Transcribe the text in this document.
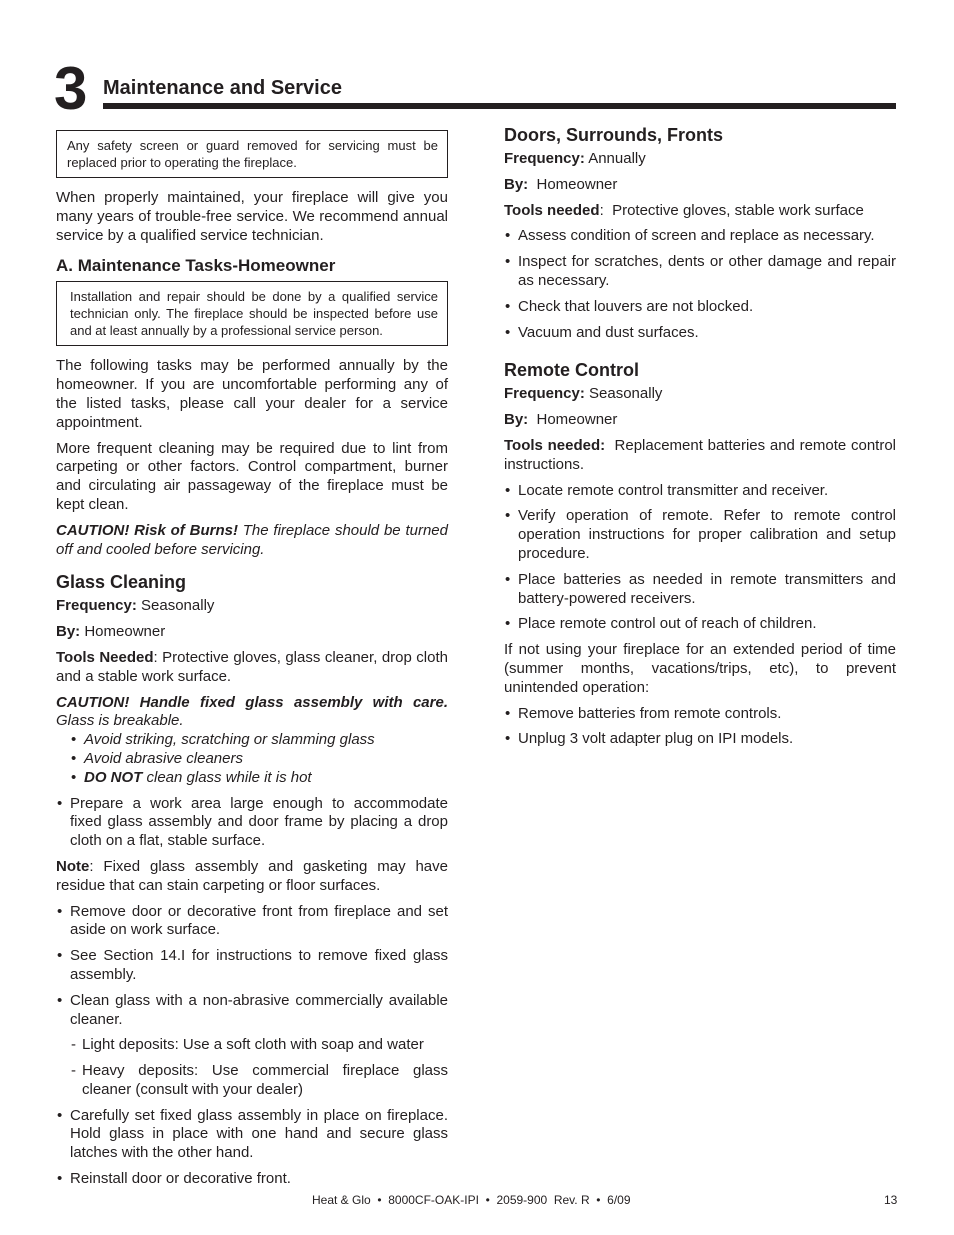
3 Maintenance and Service
Any safety screen or guard removed for servicing must be replaced prior to operating the fireplace.

When properly maintained, your fireplace will give you many years of trouble-free service. We recommend annual service by a qualified service technician.

A. Maintenance Tasks-Homeowner
Installation and repair should be done by a qualified service technician only. The fireplace should be inspected before use and at least annually by a professional service person.

The following tasks may be performed annually by the homeowner. If you are uncomfortable performing any of the listed tasks, please call your dealer for a service appointment.

More frequent cleaning may be required due to lint from carpeting or other factors. Control compartment, burner and circulating air passageway of the fireplace must be kept clean.

CAUTION! Risk of Burns! The fireplace should be turned off and cooled before servicing.
Glass Cleaning
Frequency: Seasonally
By: Homeowner
Tools Needed: Protective gloves, glass cleaner, drop cloth and a stable work surface.
CAUTION! Handle fixed glass assembly with care. Glass is breakable.
• Avoid striking, scratching or slamming glass
• Avoid abrasive cleaners
• DO NOT clean glass while it is hot
• Prepare a work area large enough to accommodate fixed glass assembly and door frame by placing a drop cloth on a flat, stable surface.

Note: Fixed glass assembly and gasketing may have residue that can stain carpeting or floor surfaces.

• Remove door or decorative front from fireplace and set aside on work surface.
• See Section 14.I for instructions to remove fixed glass assembly.
• Clean glass with a non-abrasive commercially available cleaner.
- Light deposits: Use a soft cloth with soap and water
- Heavy deposits: Use commercial fireplace glass cleaner (consult with your dealer)
• Carefully set fixed glass assembly in place on fireplace. Hold glass in place with one hand and secure glass latches with the other hand.
• Reinstall door or decorative front.
Doors, Surrounds, Fronts
Frequency: Annually
By:  Homeowner
Tools needed:  Protective gloves, stable work surface
• Assess condition of screen and replace as necessary.
• Inspect for scratches, dents or other damage and repair as necessary.
• Check that louvers are not blocked.
• Vacuum and dust surfaces.
Remote Control
Frequency: Seasonally
By:  Homeowner
Tools needed:  Replacement batteries and remote control instructions.
• Locate remote control transmitter and receiver.
• Verify operation of remote. Refer to remote control operation instructions for proper calibration and setup procedure.
• Place batteries as needed in remote transmitters and battery-powered receivers.
• Place remote control out of reach of children.

If not using your fireplace for an extended period of time (summer months, vacations/trips, etc), to prevent unintended operation:

• Remove batteries from remote controls.
• Unplug 3 volt adapter plug on IPI models.
Heat & Glo  •  8000CF-OAK-IPI  •  2059-900  Rev. R  •  6/09	13
